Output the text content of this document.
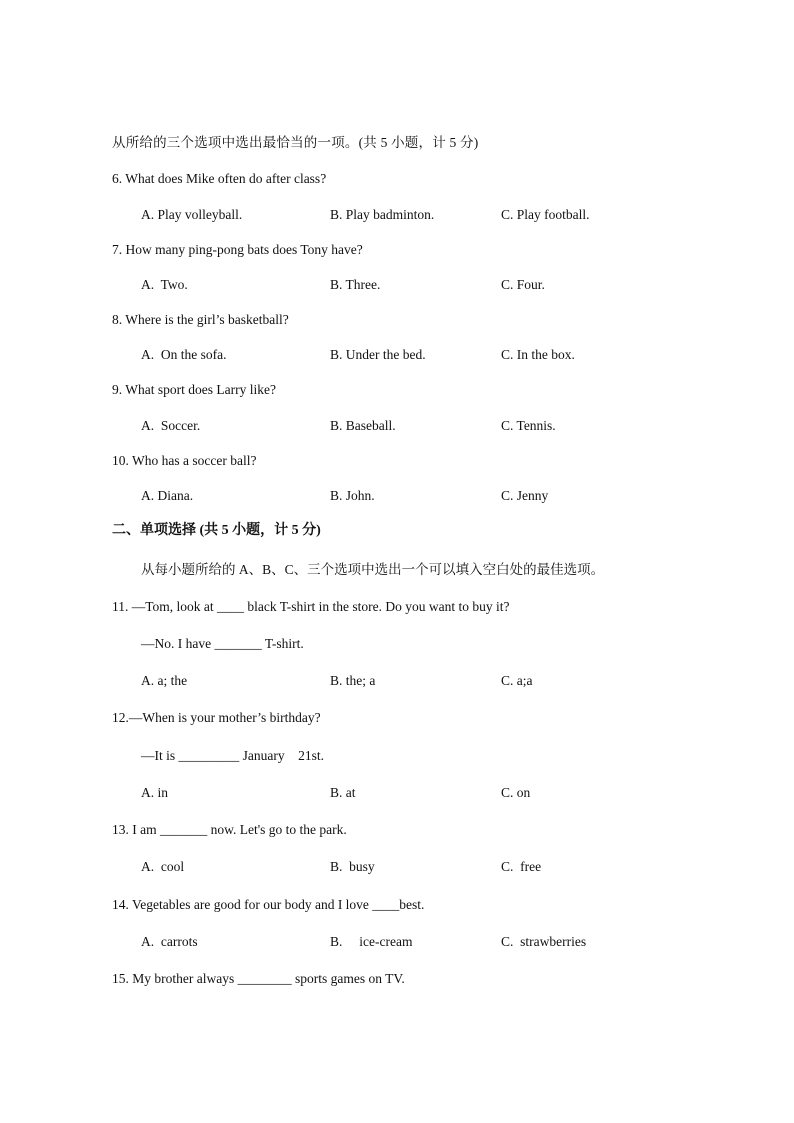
从所给的三个选项中选出最恰当的一项。(共 5 小题，计 5 分)
6. What does Mike often do after class?
A. Play volleyball.	B. Play badminton.	C. Play football.
7. How many ping-pong bats does Tony have?
A.  Two.	B. Three.	C. Four.
8. Where is the girl’s basketball?
A.  On the sofa.	B. Under the bed.	C. In the box.
9. What sport does Larry like?
A.  Soccer.	B. Baseball.	C. Tennis.
10. Who has a soccer ball?
A. Diana.	B. John.	C. Jenny
二、单项选择 (共 5 小题，计 5 分)
从每小题所给的 A、B、C、三个选项中选出一个可以填入空白处的最佳选项。
11. —Tom, look at ____ black T-shirt in the store. Do you want to buy it?
—No. I have _______ T-shirt.
A. a; the	B. the; a	C. a;a
12.—When is your mother’s birthday?
—It is _________ January    21st.
A. in	B. at	C. on
13. I am _______ now. Let's go to the park.
A.  cool	B.  busy	C.  free
14. Vegetables are good for our body and I love ____best.
A.  carrots	B.     ice-cream	C.  strawberries
15. My brother always ________ sports games on TV.
